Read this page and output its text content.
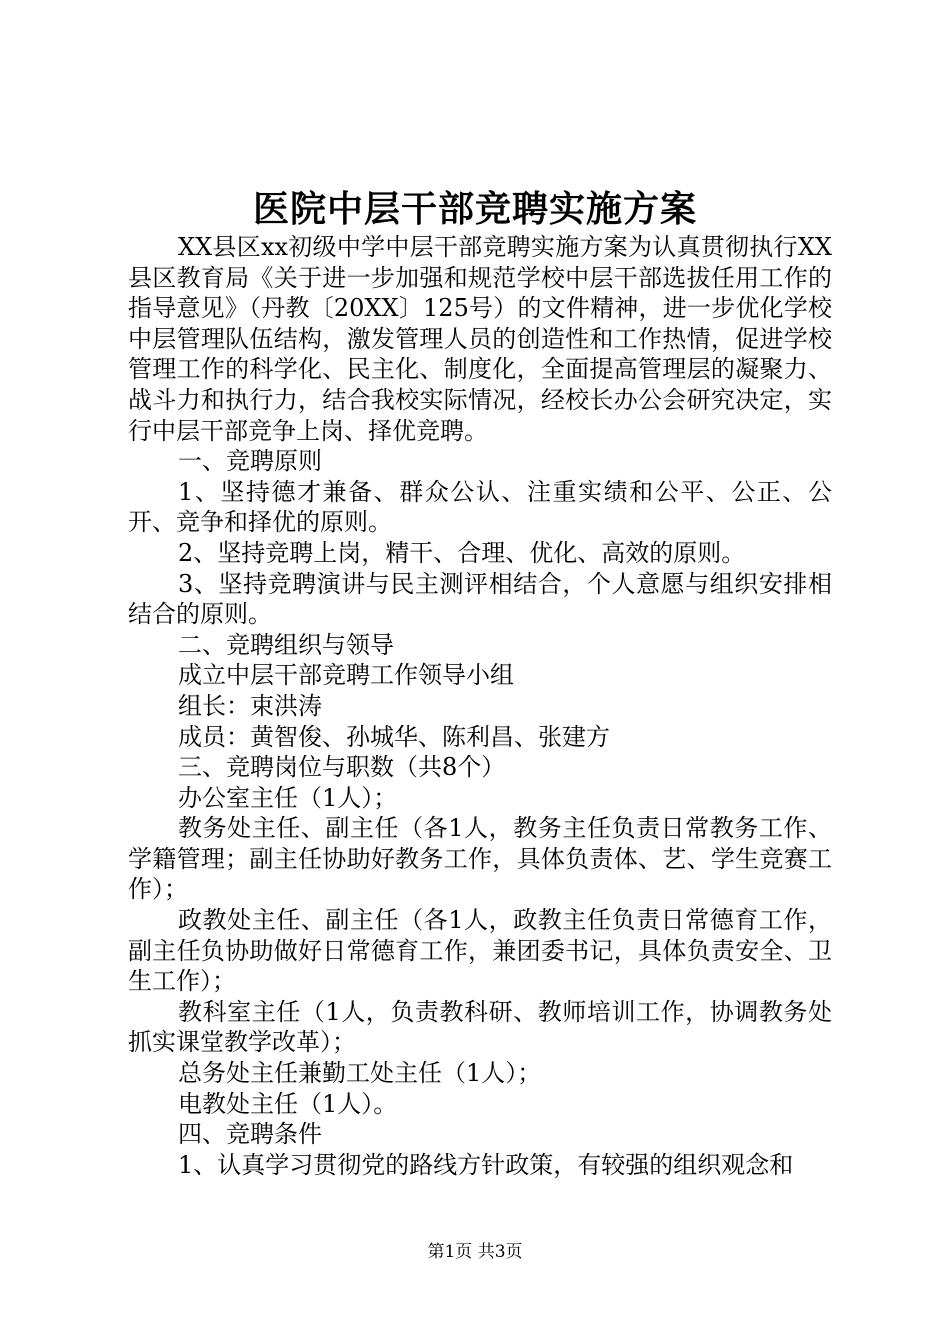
医院中层干部竞聘实施方案

XX县区xx初级中学中层干部竞聘实施方案为认真贯彻执行XX县区教育局《关于进一步加强和规范学校中层干部选拔任用工作的指导意见》（丹教〔20XX〕125号）的文件精神，进一步优化学校中层管理队伍结构，激发管理人员的创造性和工作热情，促进学校管理工作的科学化、民主化、制度化，全面提高管理层的凝聚力、战斗力和执行力，结合我校实际情况，经校长办公会研究决定，实行中层干部竞争上岗、择优竞聘。

一、竞聘原则

1、坚持德才兼备、群众公认、注重实绩和公平、公正、公开、竞争和择优的原则。

2、坚持竞聘上岗，精干、合理、优化、高效的原则。

3、坚持竞聘演讲与民主测评相结合，个人意愿与组织安排相结合的原则。

二、竞聘组织与领导

成立中层干部竞聘工作领导小组

组长：束洪涛

成员：黄智俊、孙城华、陈利昌、张建方

三、竞聘岗位与职数（共8个）

办公室主任（1人）；

教务处主任、副主任（各1人，教务主任负责日常教务工作、学籍管理；副主任协助好教务工作，具体负责体、艺、学生竞赛工作）；

政教处主任、副主任（各1人，政教主任负责日常德育工作，副主任负协助做好日常德育工作，兼团委书记，具体负责安全、卫生工作）；

教科室主任（1人，负责教科研、教师培训工作，协调教务处抓实课堂教学改革）；

总务处主任兼勤工处主任（1人）；

电教处主任（1人）。

四、竞聘条件

1、认真学习贯彻党的路线方针政策，有较强的组织观念和

第1页 共3页
